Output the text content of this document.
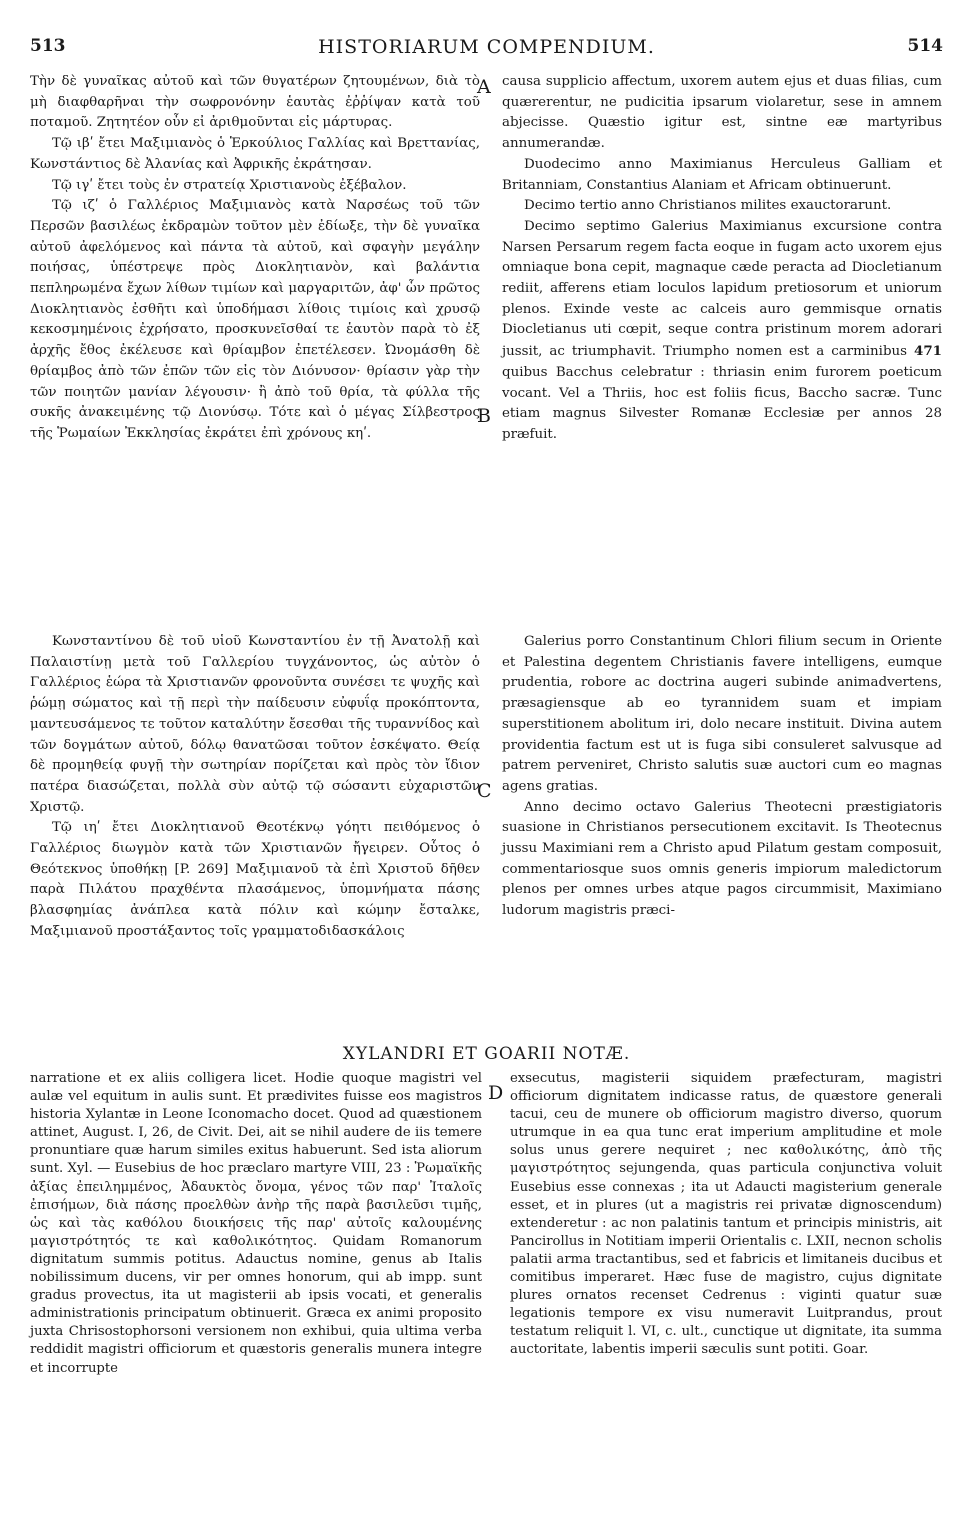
513	HISTORIARUM COMPENDIUM.	514
A
B
C
D

Τὴν δὲ γυναῖκας αὐτοῦ καὶ τῶν θυγατέρων ζητουμένων, διὰ τὸ μὴ διαφθαρῆναι τὴν σωφρονόνην ἑαυτὰς ἐῤῥίψαν κατὰ τοῦ ποταμοῦ. Ζητητέον οὖν εἰ ἀριθμοῦνται εἰς μάρτυρας.

Τῷ ιβʹ ἔτει Μαξιμιανὸς ὁ Ἑρκούλιος Γαλλίας καὶ Βρεττανίας, Κωνστάντιος δὲ Ἀλανίας καὶ Ἀφρικῆς ἐκράτησαν.

Τῷ ιγʹ ἔτει τοὺς ἐν στρατείᾳ Χριστιανοὺς ἐξέβαλον.

Τῷ ιζʹ ὁ Γαλλέριος Μαξιμιανὸς κατὰ Ναρσέως τοῦ τῶν Περσῶν βασιλέως ἐκδραμὼν τοῦτον μὲν ἐδίωξε, τὴν δὲ γυναῖκα αὐτοῦ ἀφελόμενος καὶ πάντα τὰ αὐτοῦ, καὶ σφαγὴν μεγάλην ποιήσας, ὑπέστρεψε πρὸς Διοκλητιανὸν, καὶ βαλάντια πεπληρωμένα ἔχων λίθων τιμίων καὶ μαργαριτῶν, ἀφ' ὧν πρῶτος Διοκλητιανὸς ἐσθῆτι καὶ ὑποδήμασι λίθοις τιμίοις καὶ χρυσῷ κεκοσμημένοις ἐχρήσατο, προσκυνεῖσθαί τε ἑαυτὸν παρὰ τὸ ἐξ ἀρχῆς ἔθος ἐκέλευσε καὶ θρίαμβον ἐπετέλεσεν. Ὠνομάσθη δὲ θρίαμβος ἀπὸ τῶν ἐπῶν τῶν εἰς τὸν Διόνυσον· θρίασιν γὰρ τὴν τῶν ποιητῶν μανίαν λέγουσιν· ἢ ἀπὸ τοῦ θρία, τὰ φύλλα τῆς συκῆς ἀνακειμένης τῷ Διονύσῳ. Τότε καὶ ὁ μέγας Σίλβεστρος τῆς Ῥωμαίων Ἐκκλησίας ἐκράτει ἐπὶ χρόνους κηʹ.

causa supplicio affectum, uxorem autem ejus et duas filias, cum quærerentur, ne pudicitia ipsarum violaretur, sese in amnem abjecisse. Quæstio igitur est, sintne eæ martyribus annumerandæ.

Duodecimo anno Maximianus Herculeus Galliam et Britanniam, Constantius Alaniam et Africam obtinuerunt.

Decimo tertio anno Christianos milites exauctorarunt.

Decimo septimo Galerius Maximianus excursione contra Narsen Persarum regem facta eoque in fugam acto uxorem ejus omniaque bona cepit, magnaque cæde peracta ad Diocletianum rediit, afferens etiam loculos lapidum pretiosorum et uniorum plenos. Exinde veste ac calceis auro gemmisque ornatis Diocletianus uti cœpit, seque contra pristinum morem adorari jussit, ac triumphavit. Triumpho nomen est a carminibus 471 quibus Bacchus celebratur : thriasin enim furorem poeticum vocant. Vel a Thriis, hoc est foliis ficus, Baccho sacræ. Tunc etiam magnus Silvester Romanæ Ecclesiæ per annos 28 præfuit.

Κωνσταντίνου δὲ τοῦ υἱοῦ Κωνσταντίου ἐν τῇ Ἀνατολῇ καὶ Παλαιστίνῃ μετὰ τοῦ Γαλλερίου τυγχάνοντος, ὡς αὐτὸν ὁ Γαλλέριος ἑώρα τὰ Χριστιανῶν φρονοῦντα συνέσει τε ψυχῆς καὶ ῥώμῃ σώματος καὶ τῇ περὶ τὴν παίδευσιν εὐφυΐᾳ προκόπτοντα, μαντευσάμενος τε τοῦτον καταλύτην ἔσεσθαι τῆς τυραννίδος καὶ τῶν δογμάτων αὐτοῦ, δόλῳ θανατῶσαι τοῦτον ἐσκέψατο. Θείᾳ δὲ προμηθείᾳ φυγῇ τὴν σωτηρίαν πορίζεται καὶ πρὸς τὸν ἴδιον πατέρα διασώζεται, πολλὰ σὺν αὐτῷ τῷ σώσαντι εὐχαριστῶν Χριστῷ.

Τῷ ιηʹ ἔτει Διοκλητιανοῦ Θεοτέκνῳ γόητι πειθόμενος ὁ Γαλλέριος διωγμὸν κατὰ τῶν Χριστιανῶν ἤγειρεν. Οὗτος ὁ Θεότεκνος ὑποθήκῃ [P. 269] Μαξιμιανοῦ τὰ ἐπὶ Χριστοῦ δῆθεν παρὰ Πιλάτου πραχθέντα πλασάμενος, ὑπομνήματα πάσης βλασφημίας ἀνάπλεα κατὰ πόλιν καὶ κώμην ἔσταλκε, Μαξιμιανοῦ προστάξαντος τοῖς γραμματοδιδασκάλοις

Galerius porro Constantinum Chlori filium secum in Oriente et Palestina degentem Christianis favere intelligens, eumque prudentia, robore ac doctrina augeri subinde animadvertens, præsagiensque ab eo tyrannidem suam et impiam superstitionem abolitum iri, dolo necare instituit. Divina autem providentia factum est ut is fuga sibi consuleret salvusque ad patrem perveniret, Christo salutis suæ auctori cum eo magnas agens gratias.

Anno decimo octavo Galerius Theotecni præstigiatoris suasione in Christianos persecutionem excitavit. Is Theotecnus jussu Maximiani rem a Christo apud Pilatum gestam composuit, commentariosque suos omnis generis impiorum maledictorum plenos per omnes urbes atque pagos circummisit, Maximiano ludorum magistris præci-

XYLANDRI ET GOARII NOTÆ.

narratione et ex aliis colligera licet. Hodie quoque magistri vel aulæ vel equitum in aulis sunt. Et prædivites fuisse eos magistros historia Xylantæ in Leone Iconomacho docet. Quod ad quæstionem attinet, August. I, 26, de Civit. Dei, ait se nihil audere de iis temere pronuntiare quæ harum similes exitus habuerunt. Sed ista aliorum sunt. Xyl. — Eusebius de hoc præclaro martyre VIII, 23 : Ῥωμαϊκῆς ἀξίας ἐπειλημμένος, Ἀδαυκτὸς ὄνομα, γένος τῶν παρ' Ἰταλοῖς ἐπισήμων, διὰ πάσης προελθὼν ἀνὴρ τῆς παρὰ βασιλεῦσι τιμῆς, ὡς καὶ τὰς καθόλου διοικήσεις τῆς παρ' αὐτοῖς καλουμένης μαγιστρότητός τε καὶ καθολικότητος. Quidam Romanorum dignitatum summis potitus. Adauctus nomine, genus ab Italis nobilissimum ducens, vir per omnes honorum, qui ab impp. sunt gradus provectus, ita ut magisterii ab ipsis vocati, et generalis administrationis principatum obtinuerit. Græca ex animi proposito juxta Chrisostophorsoni versionem non exhibui, quia ultima verba reddidit magistri officiorum et quæstoris generalis munera integre et incorrupte

exsecutus, magisterii siquidem præfecturam, magistri officiorum dignitatem indicasse ratus, de quæstore generali tacui, ceu de munere ob officiorum magistro diverso, quorum utrumque in ea qua tunc erat imperium amplitudine et mole solus unus gerere nequiret ; nec καθολικότης, ἀπὸ τῆς μαγιστρότητος sejungenda, quas particula conjunctiva voluit Eusebius esse connexas ; ita ut Adaucti magisterium generale esset, et in plures (ut a magistris rei privatæ dignoscendum) extenderetur : ac non palatinis tantum et principis ministris, ait Pancirollus in Notitiam imperii Orientalis c. LXII, necnon scholis palatii arma tractantibus, sed et fabricis et limitaneis ducibus et comitibus imperaret. Hæc fuse de magistro, cujus dignitate plures ornatos recenset Cedrenus : viginti quatur suæ legationis tempore ex visu numeravit Luitprandus, prout testatum reliquit l. VI, c. ult., cunctique ut dignitate, ita summa auctoritate, labentis imperii sæculis sunt potiti. Goar.
